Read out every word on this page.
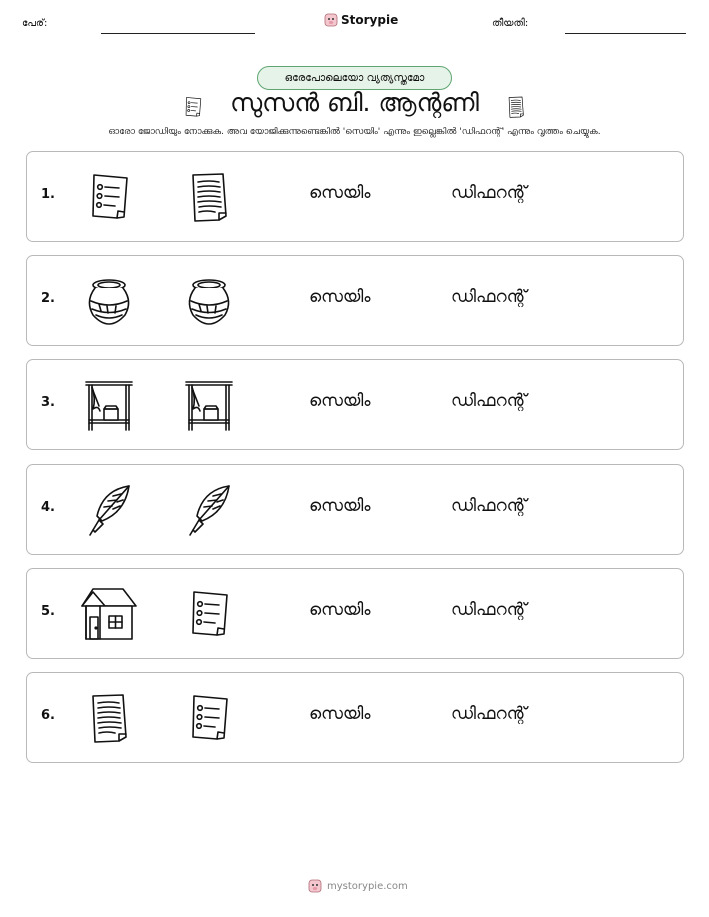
പേര്:	Storypie	തീയതി:
ഒരേപോലെയോ വ്യത്യസ്തമോ
സുസൻ ബി. ആന്റണി
ഓരോ ജോഡിയും നോക്കുക. അവ യോജിക്കുന്നുണ്ടെങ്കിൽ 'സെയിം' എന്നും ഇല്ലെങ്കിൽ 'ഡിഫറന്റ്' എന്നും വൃത്തം ചെയ്യുക.
1.	സെയിം	ഡിഫറന്റ്
2.	സെയിം	ഡിഫറന്റ്
3.	സെയിം	ഡിഫറന്റ്
4.	സെയിം	ഡിഫറന്റ്
5.	സെയിം	ഡിഫറന്റ്
6.	സെയിം	ഡിഫറന്റ്
mystorypie.com
